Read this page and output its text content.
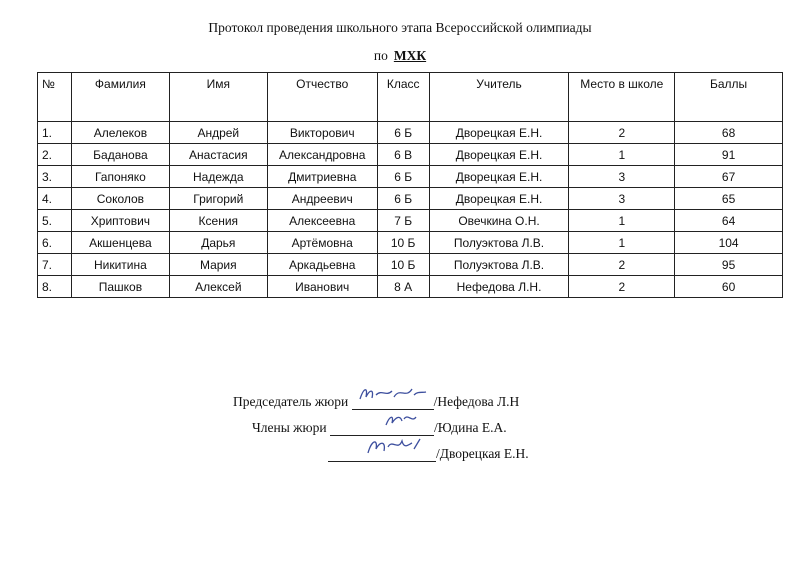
Протокол проведения школьного этапа Всероссийской олимпиады
по МХК
№	Фамилия	Имя	Отчество	Класс	Учитель	Место в школе	Баллы
1.	Алелеков	Андрей	Викторович	6 Б	Дворецкая Е.Н.	2	68
2.	Баданова	Анастасия	Александровна	6 В	Дворецкая Е.Н.	1	91
3.	Гапоняко	Надежда	Дмитриевна	6 Б	Дворецкая Е.Н.	3	67
4.	Соколов	Григорий	Андреевич	6 Б	Дворецкая Е.Н.	3	65
5.	Хриптович	Ксения	Алексеевна	7 Б	Овечкина О.Н.	1	64
6.	Акшенцева	Дарья	Артёмовна	10 Б	Полуэктова Л.В.	1	104
7.	Никитина	Мария	Аркадьевна	10 Б	Полуэктова Л.В.	2	95
8.	Пашков	Алексей	Иванович	8 А	Нефедова Л.Н.	2	60
Председатель жюри	/Нефедова Л.Н
Члены жюри	/Юдина Е.А.
/Дворецкая Е.Н.
